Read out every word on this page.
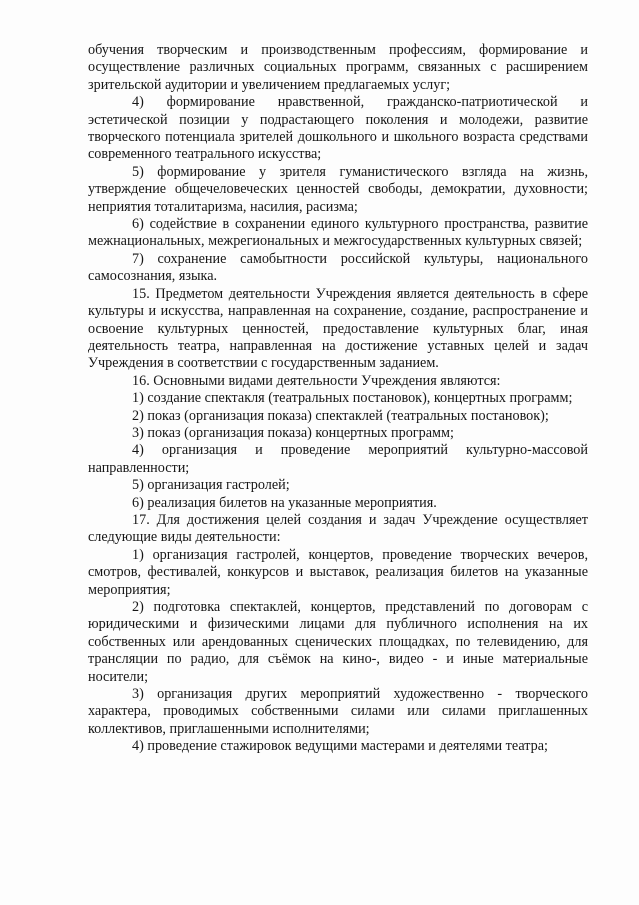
обучения творческим и производственным профессиям, формирование и осуществление различных социальных программ, связанных с расширением зрительской аудитории и увеличением предлагаемых услуг;

4) формирование нравственной, гражданско-патриотической и эстетической позиции у подрастающего поколения и молодежи, развитие творческого потенциала зрителей дошкольного и школьного возраста средствами современного театрального искусства;

5) формирование у зрителя гуманистического взгляда на жизнь, утверждение общечеловеческих ценностей свободы, демократии, духовности; неприятия тоталитаризма, насилия, расизма;

6) содействие в сохранении единого культурного пространства, развитие межнациональных, межрегиональных и межгосударственных культурных связей;

7) сохранение самобытности российской культуры, национального самосознания, языка.

15. Предметом деятельности Учреждения является деятельность в сфере культуры и искусства, направленная на сохранение, создание, распространение и освоение культурных ценностей, предоставление культурных благ, иная деятельность театра, направленная на достижение уставных целей и задач Учреждения в соответствии с государственным заданием.

16. Основными видами деятельности Учреждения являются:

1) создание спектакля (театральных постановок), концертных программ;

2) показ (организация показа) спектаклей (театральных постановок);

3) показ (организация показа) концертных программ;

4) организация и проведение мероприятий культурно-массовой направленности;

5) организация гастролей;

6) реализация билетов на указанные мероприятия.

17. Для достижения целей создания и задач Учреждение осуществляет следующие виды деятельности:

1) организация гастролей, концертов, проведение творческих вечеров, смотров, фестивалей, конкурсов и выставок, реализация билетов на указанные мероприятия;

2) подготовка спектаклей, концертов, представлений по договорам с юридическими и физическими лицами для публичного исполнения на их собственных или арендованных сценических площадках, по телевидению, для трансляции по радио, для съёмок на кино-, видео - и иные материальные носители;

3) организация других мероприятий художественно - творческого характера, проводимых собственными силами или силами приглашенных коллективов, приглашенными исполнителями;

4) проведение стажировок ведущими мастерами и деятелями театра;
